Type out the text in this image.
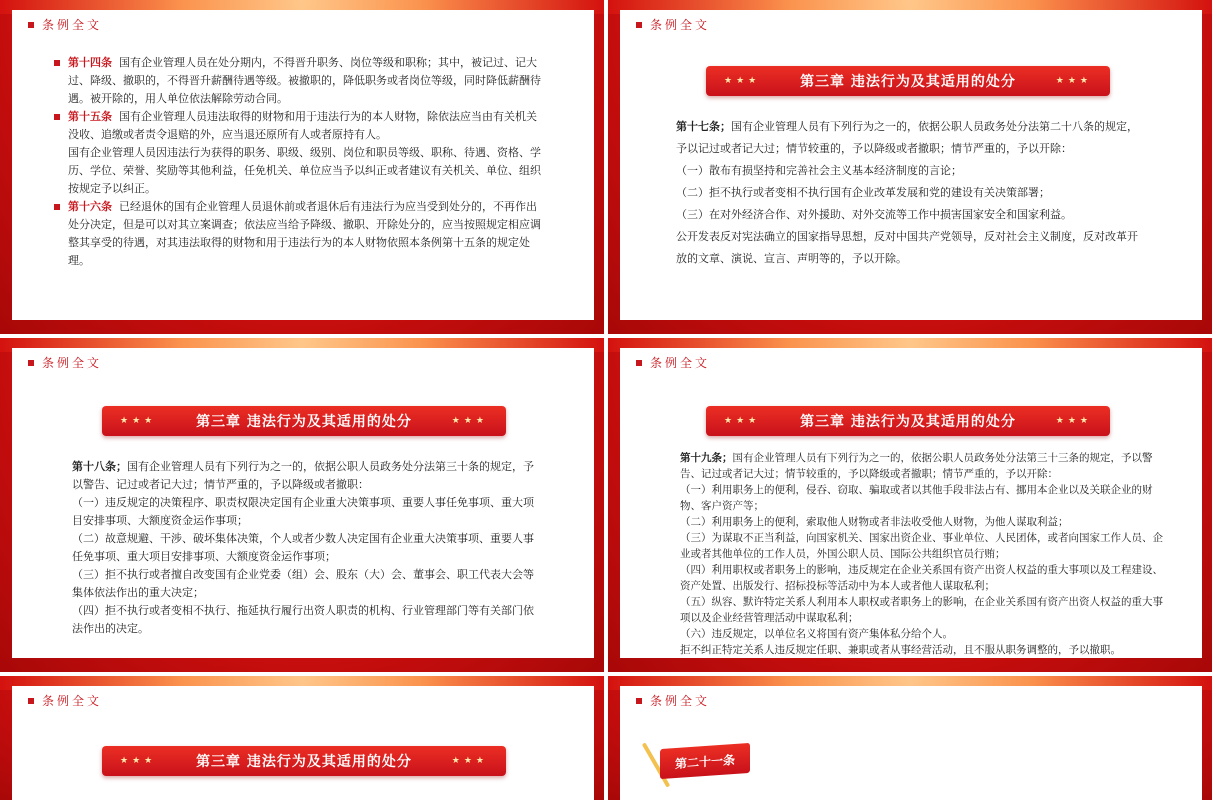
条例全文

第十四条 国有企业管理人员在处分期内，不得晋升职务、岗位等级和职称；其中，被记过、记大过、降级、撤职的，不得晋升薪酬待遇等级。被撤职的，降低职务或者岗位等级，同时降低薪酬待遇。被开除的，用人单位依法解除劳动合同。

第十五条 国有企业管理人员违法取得的财物和用于违法行为的本人财物，除依法应当由有关机关没收、追缴或者责令退赔的外，应当退还原所有人或者原持有人。

国有企业管理人员因违法行为获得的职务、职级、级别、岗位和职员等级、职称、待遇、资格、学历、学位、荣誉、奖励等其他利益，任免机关、单位应当予以纠正或者建议有关机关、单位、组织按规定予以纠正。

第十六条 已经退休的国有企业管理人员退休前或者退休后有违法行为应当受到处分的，不再作出处分决定，但是可以对其立案调查；依法应当给予降级、撤职、开除处分的，应当按照规定相应调整其享受的待遇，对其违法取得的财物和用于违法行为的本人财物依照本条例第十五条的规定处理。

条例全文
★★★	第三章 违法行为及其适用的处分	★★★

第十七条；国有企业管理人员有下列行为之一的，依据公职人员政务处分法第二十八条的规定，予以记过或者记大过；情节较重的，予以降级或者撤职；情节严重的，予以开除：

（一）散布有损坚持和完善社会主义基本经济制度的言论；

（二）拒不执行或者变相不执行国有企业改革发展和党的建设有关决策部署；

（三）在对外经济合作、对外援助、对外交流等工作中损害国家安全和国家利益。

公开发表反对宪法确立的国家指导思想，反对中国共产党领导，反对社会主义制度，反对改革开放的文章、演说、宣言、声明等的，予以开除。

条例全文
★★★	第三章 违法行为及其适用的处分	★★★

第十八条；国有企业管理人员有下列行为之一的，依据公职人员政务处分法第三十条的规定，予以警告、记过或者记大过；情节严重的，予以降级或者撤职：

（一）违反规定的决策程序、职责权限决定国有企业重大决策事项、重要人事任免事项、重大项目安排事项、大额度资金运作事项；

（二）故意规避、干涉、破坏集体决策，个人或者少数人决定国有企业重大决策事项、重要人事任免事项、重大项目安排事项、大额度资金运作事项；

（三）拒不执行或者擅自改变国有企业党委（组）会、股东（大）会、董事会、职工代表大会等集体依法作出的重大决定；

（四）拒不执行或者变相不执行、拖延执行履行出资人职责的机构、行业管理部门等有关部门依法作出的决定。

条例全文
★★★	第三章 违法行为及其适用的处分	★★★

第十九条；国有企业管理人员有下列行为之一的，依据公职人员政务处分法第三十三条的规定，予以警告、记过或者记大过；情节较重的，予以降级或者撤职；情节严重的，予以开除：

（一）利用职务上的便利，侵吞、窃取、骗取或者以其他手段非法占有、挪用本企业以及关联企业的财物、客户资产等；

（二）利用职务上的便利，索取他人财物或者非法收受他人财物，为他人谋取利益；

（三）为谋取不正当利益，向国家机关、国家出资企业、事业单位、人民团体，或者向国家工作人员、企业或者其他单位的工作人员，外国公职人员、国际公共组织官员行贿；

（四）利用职权或者职务上的影响，违反规定在企业关系国有资产出资人权益的重大事项以及工程建设、资产处置、出版发行、招标投标等活动中为本人或者他人谋取私利；

（五）纵容、默许特定关系人利用本人职权或者职务上的影响，在企业关系国有资产出资人权益的重大事项以及企业经营管理活动中谋取私利；

（六）违反规定，以单位名义将国有资产集体私分给个人。

拒不纠正特定关系人违反规定任职、兼职或者从事经营活动，且不服从职务调整的，予以撤职。

条例全文
★★★	第三章 违法行为及其适用的处分	★★★
条例全文
第二十一条
